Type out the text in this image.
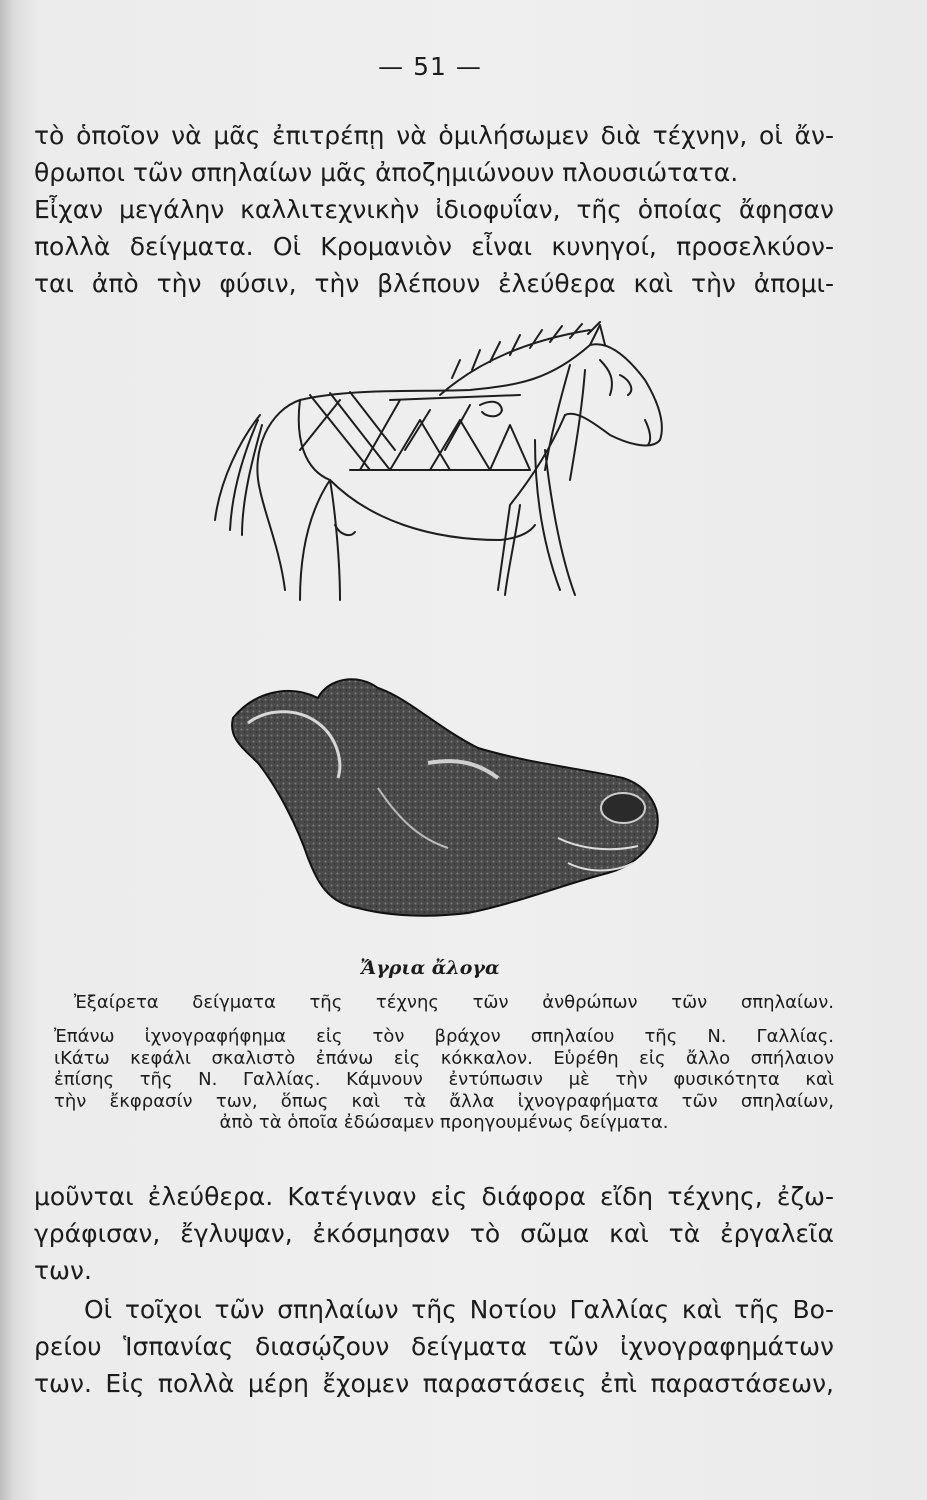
— 51 —
τὸ ὁποῖον νὰ μᾶς ἐπιτρέπῃ νὰ ὁμιλήσωμεν διὰ τέχνην, οἱ ἄν-
θρωποι τῶν σπηλαίων μᾶς ἀποζημιώνουν πλουσιώτατα.
Εἶχαν μεγάλην καλλιτεχνικὴν ἰδιοφυΐαν, τῆς ὁποίας ἄφησαν
πολλὰ δείγματα. Οἱ Κρομανιὸν εἶναι κυνηγοί, προσελκύον-
ται ἀπὸ τὴν φύσιν, τὴν βλέπουν ἐλεύθερα καὶ τὴν ἀπομι-
Ἄγρια ἄλογα
Ἐξαίρετα δείγματα τῆς τέχνης τῶν ἀνθρώπων τῶν σπηλαίων.
Ἐπάνω ἰχνογραφήφημα εἰς τὸν βράχον σπηλαίου τῆς Ν. Γαλλίας.
ιΚάτω κεφάλι σκαλιστὸ ἐπάνω εἰς κόκκαλον. Εὑρέθη εἰς ἄλλο σπήλαιον
ἐπίσης τῆς Ν. Γαλλίας. Κάμνουν ἐντύπωσιν μὲ τὴν φυσικότητα καὶ
τὴν ἔκφρασίν των, ὅπως καὶ τὰ ἄλλα ἰχνογραφήματα τῶν σπηλαίων,
ἀπὸ τὰ ὁποῖα ἐδώσαμεν προηγουμένως δείγματα.
μοῦνται ἐλεύθερα. Κατέγιναν εἰς διάφορα εἴδη τέχνης, ἐζω-
γράφισαν, ἔγλυψαν, ἐκόσμησαν τὸ σῶμα καὶ τὰ ἐργαλεῖα
των.
Οἱ τοῖχοι τῶν σπηλαίων τῆς Νοτίου Γαλλίας καὶ τῆς Βο-
ρείου Ἱσπανίας διασῴζουν δείγματα τῶν ἰχνογραφημάτων
των. Εἰς πολλὰ μέρη ἔχομεν παραστάσεις ἐπὶ παραστάσεων,
